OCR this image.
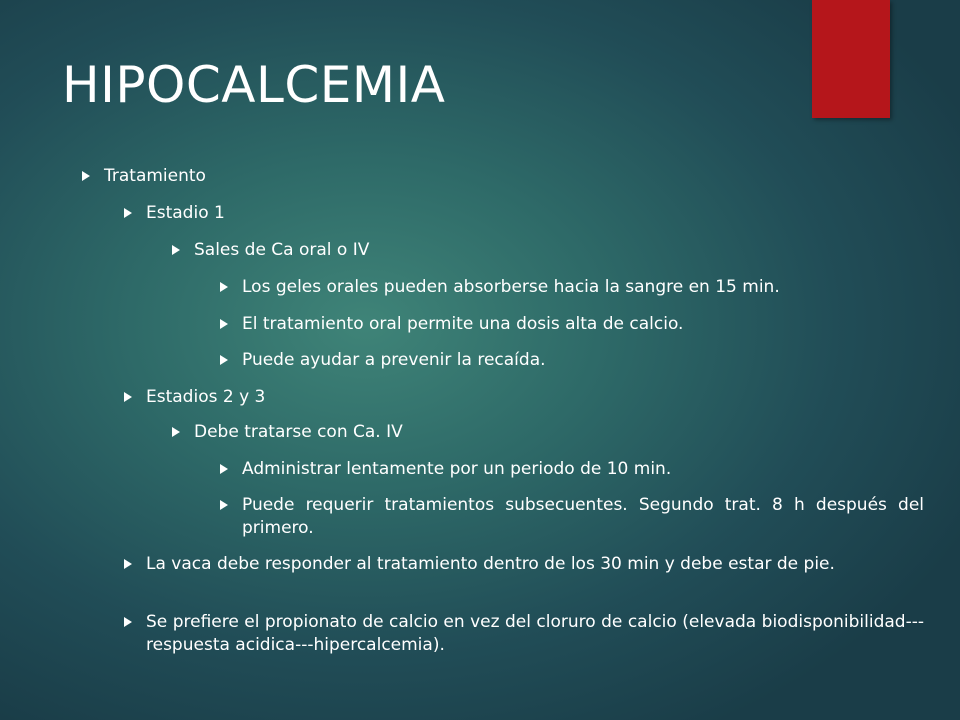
HIPOCALCEMIA
Tratamiento
Estadio 1
Sales de Ca oral o IV
Los geles orales pueden absorberse hacia la sangre en 15 min.
El tratamiento oral permite una dosis alta de calcio.
Puede ayudar a prevenir la recaída.
Estadios 2 y 3
Debe tratarse con Ca. IV
Administrar lentamente por un periodo de 10 min.
Puede requerir tratamientos subsecuentes. Segundo trat. 8 h después del primero.
La vaca debe responder al tratamiento dentro de los 30 min y debe estar de pie.
Se prefiere el propionato de calcio en vez del cloruro de calcio (elevada biodisponibilidad---respuesta acidica---hipercalcemia).
